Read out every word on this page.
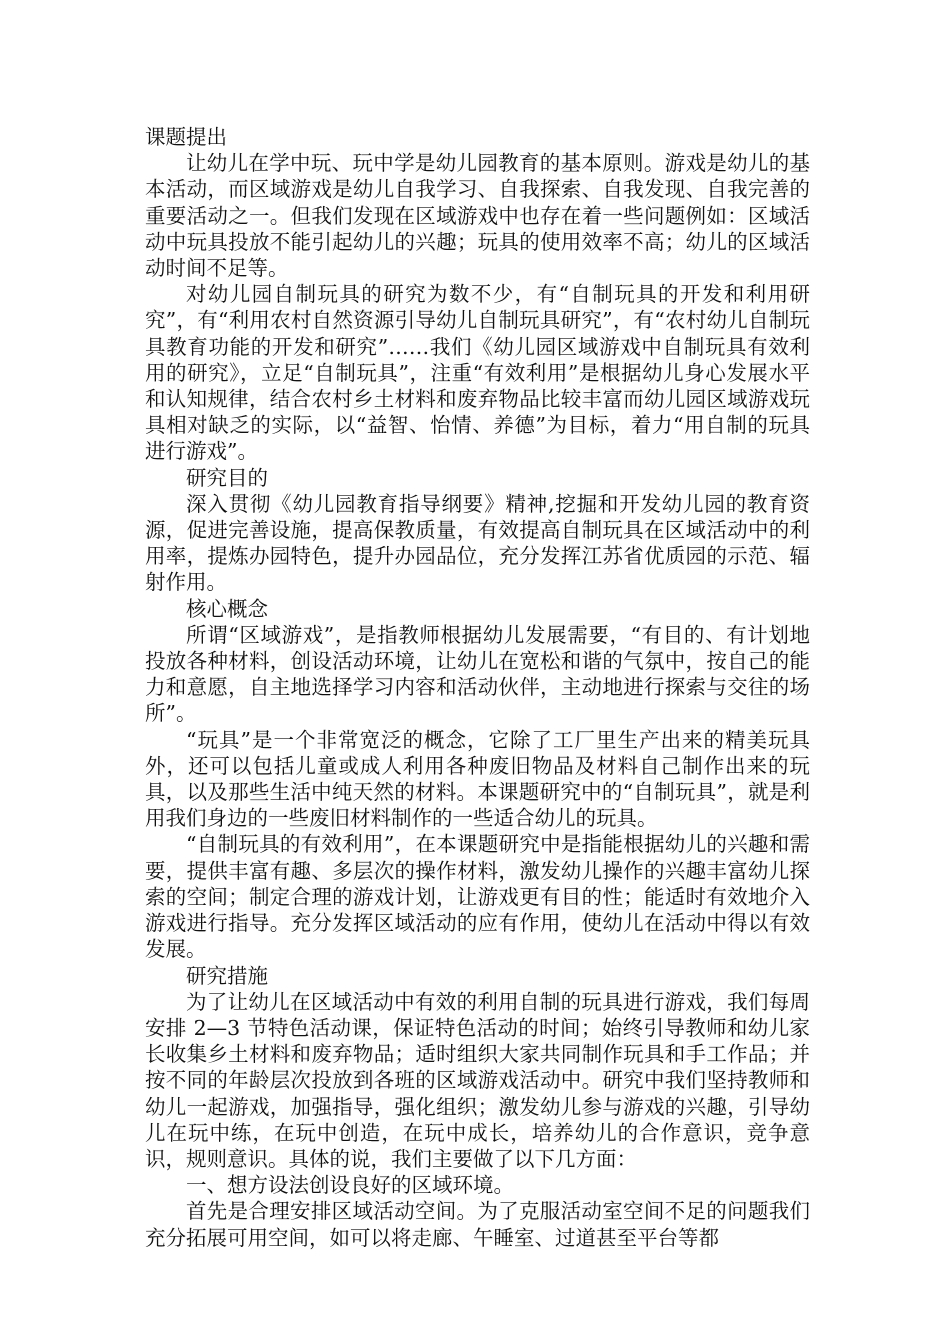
课题提出

让幼儿在学中玩、玩中学是幼儿园教育的基本原则。游戏是幼儿的基本活动，而区域游戏是幼儿自我学习、自我探索、自我发现、自我完善的重要活动之一。但我们发现在区域游戏中也存在着一些问题例如：区域活动中玩具投放不能引起幼儿的兴趣；玩具的使用效率不高；幼儿的区域活动时间不足等。

对幼儿园自制玩具的研究为数不少，有“自制玩具的开发和利用研究”，有“利用农村自然资源引导幼儿自制玩具研究”，有“农村幼儿自制玩具教育功能的开发和研究”……我们《幼儿园区域游戏中自制玩具有效利用的研究》，立足“自制玩具”，注重“有效利用”是根据幼儿身心发展水平和认知规律，结合农村乡土材料和废弃物品比较丰富而幼儿园区域游戏玩具相对缺乏的实际，以“益智、怡情、养德”为目标，着力“用自制的玩具进行游戏”。

研究目的

深入贯彻《幼儿园教育指导纲要》精神,挖掘和开发幼儿园的教育资源，促进完善设施，提高保教质量，有效提高自制玩具在区域活动中的利用率，提炼办园特色，提升办园品位，充分发挥江苏省优质园的示范、辐射作用。

核心概念

所谓“区域游戏”，是指教师根据幼儿发展需要，“有目的、有计划地投放各种材料，创设活动环境，让幼儿在宽松和谐的气氛中，按自己的能力和意愿，自主地选择学习内容和活动伙伴，主动地进行探索与交往的场所”。

“玩具”是一个非常宽泛的概念，它除了工厂里生产出来的精美玩具外，还可以包括儿童或成人利用各种废旧物品及材料自己制作出来的玩具，以及那些生活中纯天然的材料。本课题研究中的“自制玩具”，就是利用我们身边的一些废旧材料制作的一些适合幼儿的玩具。

“自制玩具的有效利用”，在本课题研究中是指能根据幼儿的兴趣和需要，提供丰富有趣、多层次的操作材料，激发幼儿操作的兴趣丰富幼儿探索的空间；制定合理的游戏计划，让游戏更有目的性；能适时有效地介入游戏进行指导。充分发挥区域活动的应有作用，使幼儿在活动中得以有效发展。

研究措施

为了让幼儿在区域活动中有效的利用自制的玩具进行游戏，我们每周安排 2—3 节特色活动课，保证特色活动的时间；始终引导教师和幼儿家长收集乡土材料和废弃物品；适时组织大家共同制作玩具和手工作品；并按不同的年龄层次投放到各班的区域游戏活动中。研究中我们坚持教师和幼儿一起游戏，加强指导，强化组织；激发幼儿参与游戏的兴趣，引导幼儿在玩中练，在玩中创造，在玩中成长，培养幼儿的合作意识，竞争意识，规则意识。具体的说，我们主要做了以下几方面：

一、想方设法创设良好的区域环境。

首先是合理安排区域活动空间。为了克服活动室空间不足的问题我们充分拓展可用空间，如可以将走廊、午睡室、过道甚至平台等都
